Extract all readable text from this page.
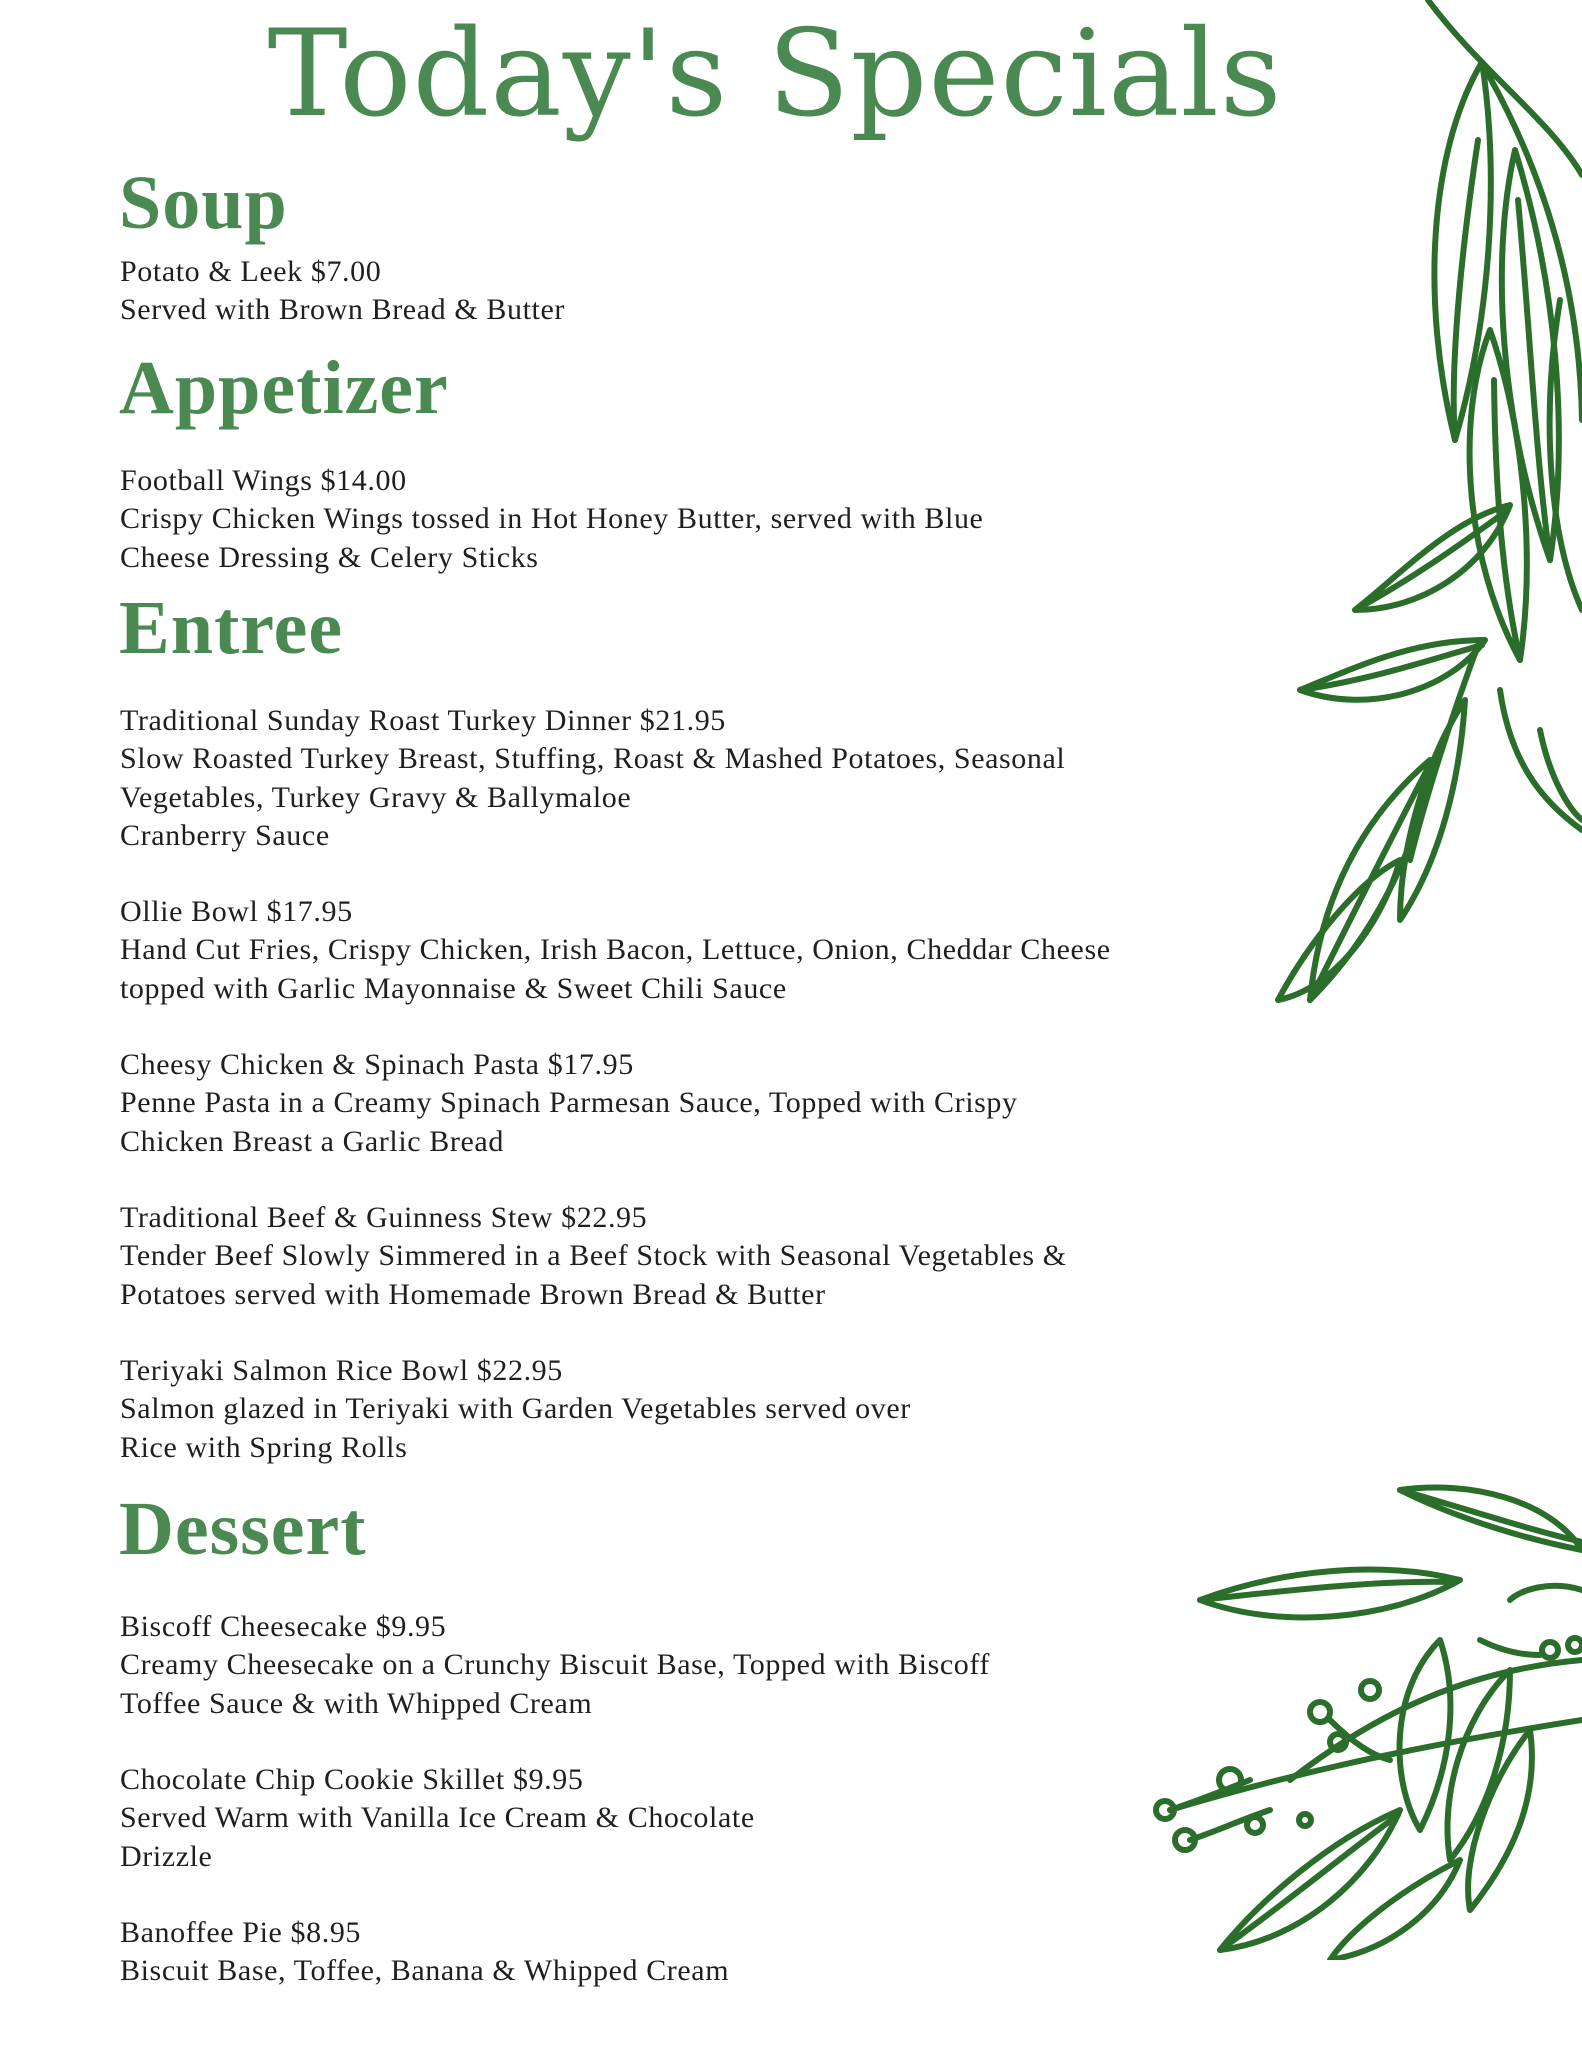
Today's Specials
Soup
Potato & Leek $7.00
Served with Brown Bread & Butter
Appetizer
Football Wings $14.00
Crispy Chicken Wings tossed in Hot Honey Butter, served with Blue
Cheese Dressing & Celery Sticks
Entree
Traditional Sunday Roast Turkey Dinner $21.95
Slow Roasted Turkey Breast, Stuffing, Roast & Mashed Potatoes, Seasonal
Vegetables, Turkey Gravy & Ballymaloe
Cranberry Sauce
Ollie Bowl $17.95
Hand Cut Fries, Crispy Chicken, Irish Bacon, Lettuce, Onion, Cheddar Cheese
topped with Garlic Mayonnaise & Sweet Chili Sauce
Cheesy Chicken & Spinach Pasta $17.95
Penne Pasta in a Creamy Spinach Parmesan Sauce, Topped with Crispy
Chicken Breast a Garlic Bread
Traditional Beef & Guinness Stew $22.95
Tender Beef Slowly Simmered in a Beef Stock with Seasonal Vegetables &
Potatoes served with Homemade Brown Bread & Butter
Teriyaki Salmon Rice Bowl $22.95
Salmon glazed in Teriyaki with Garden Vegetables served over
Rice with Spring Rolls
Dessert
Biscoff Cheesecake $9.95
Creamy Cheesecake on a Crunchy Biscuit Base, Topped with Biscoff
Toffee Sauce & with Whipped Cream
Chocolate Chip Cookie Skillet $9.95
Served Warm with Vanilla Ice Cream & Chocolate
Drizzle
Banoffee Pie $8.95
Biscuit Base, Toffee, Banana & Whipped Cream
